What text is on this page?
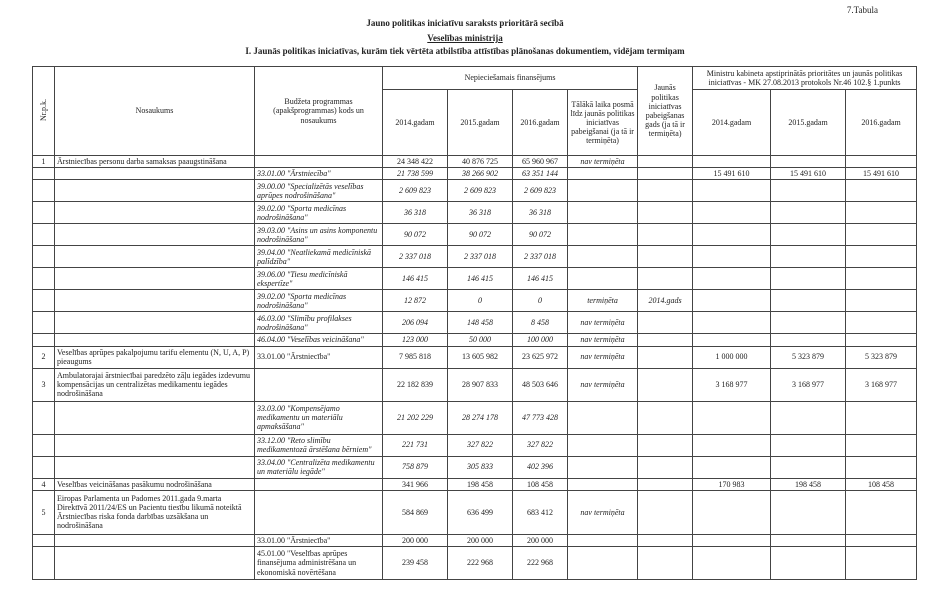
7.Tabula
Jauno politikas iniciatīvu saraksts prioritārā secībā
Veselības ministrija
I. Jaunās politikas iniciatīvas, kurām tiek vērtēta atbilstība attīstības plānošanas dokumentiem, vidējam termiņam
Nr.p.k.	Nosaukums	Budžeta programmas (apakšprogrammas) kods un nosaukums	Nepieciešamais finansējums				Jaunās politikas iniciatīvas pabeigšanas gads (ja tā ir termiņēta)	Ministru kabineta apstiprinātās prioritātes un jaunās politikas iniciatīvas - MK 27.08.2013 protokols Nr.46 102.§ 1.punkts		
			2014.gadam	2015.gadam	2016.gadam	Tālākā laika posmā līdz jaunās politikas iniciatīvas pabeigšanai (ja tā ir termiņēta)		2014.gadam	2015.gadam	2016.gadam
1	Ārstniecības personu darba samaksas paaugstināšana		24 348 422	40 876 725	65 960 967	nav termiņēta				
		33.01.00 "Ārstniecība"	21 738 599	38 266 902	63 351 144			15 491 610	15 491 610	15 491 610
		39.00.00 "Specializētās veselības aprūpes nodrošināšana"	2 609 823	2 609 823	2 609 823					
		39.02.00 "Sporta medicīnas nodrošināšana"	36 318	36 318	36 318					
		39.03.00 "Asins un asins komponentu nodrošināšana"	90 072	90 072	90 072					
		39.04.00 "Neatliekamā medicīniskā palīdzība"	2 337 018	2 337 018	2 337 018					
		39.06.00 "Tiesu medicīniskā ekspertīze"	146 415	146 415	146 415					
		39.02.00 "Sporta medicīnas nodrošināšana"	12 872	0	0	termiņēta	2014.gads			
		46.03.00 "Slimību profilakses nodrošināšana"	206 094	148 458	8 458	nav termiņēta				
		46.04.00 "Veselības veicināšana"	123 000	50 000	100 000	nav termiņēta				
2	Veselības aprūpes pakalpojumu tarifu elementu (N, U, A, P) pieaugums	33.01.00 "Ārstniecība"	7 985 818	13 605 982	23 625 972	nav termiņēta		1 000 000	5 323 879	5 323 879
3	Ambulatorajai ārstniecībai paredzēto zāļu iegādes izdevumu kompensācijas un centralizētas medikamentu iegādes nodrošināšana		22 182 839	28 907 833	48 503 646	nav termiņēta		3 168 977	3 168 977	3 168 977
		33.03.00 "Kompensējamo medikamentu un materiālu apmaksāšana"	21 202 229	28 274 178	47 773 428					
		33.12.00 "Reto slimību medikamentozā ārstēšana bērniem"	221 731	327 822	327 822					
		33.04.00 "Centralizēta medikamentu un materiālu iegāde"	758 879	305 833	402 396					
4	Veselības veicināšanas pasākumu nodrošināšana		341 966	198 458	108 458			170 983	198 458	108 458
5	Eiropas Parlamenta un Padomes 2011.gada 9.marta Direktīvā 2011/24/ES un Pacientu tiesību likumā noteiktā Ārstniecības riska fonda darbības uzsākšana un nodrošināšana		584 869	636 499	683 412	nav termiņēta				
		33.01.00 "Ārstniecība"	200 000	200 000	200 000					
		45.01.00 "Veselības aprūpes finansējuma administrēšana un ekonomiskā novērtēšana	239 458	222 968	222 968					
